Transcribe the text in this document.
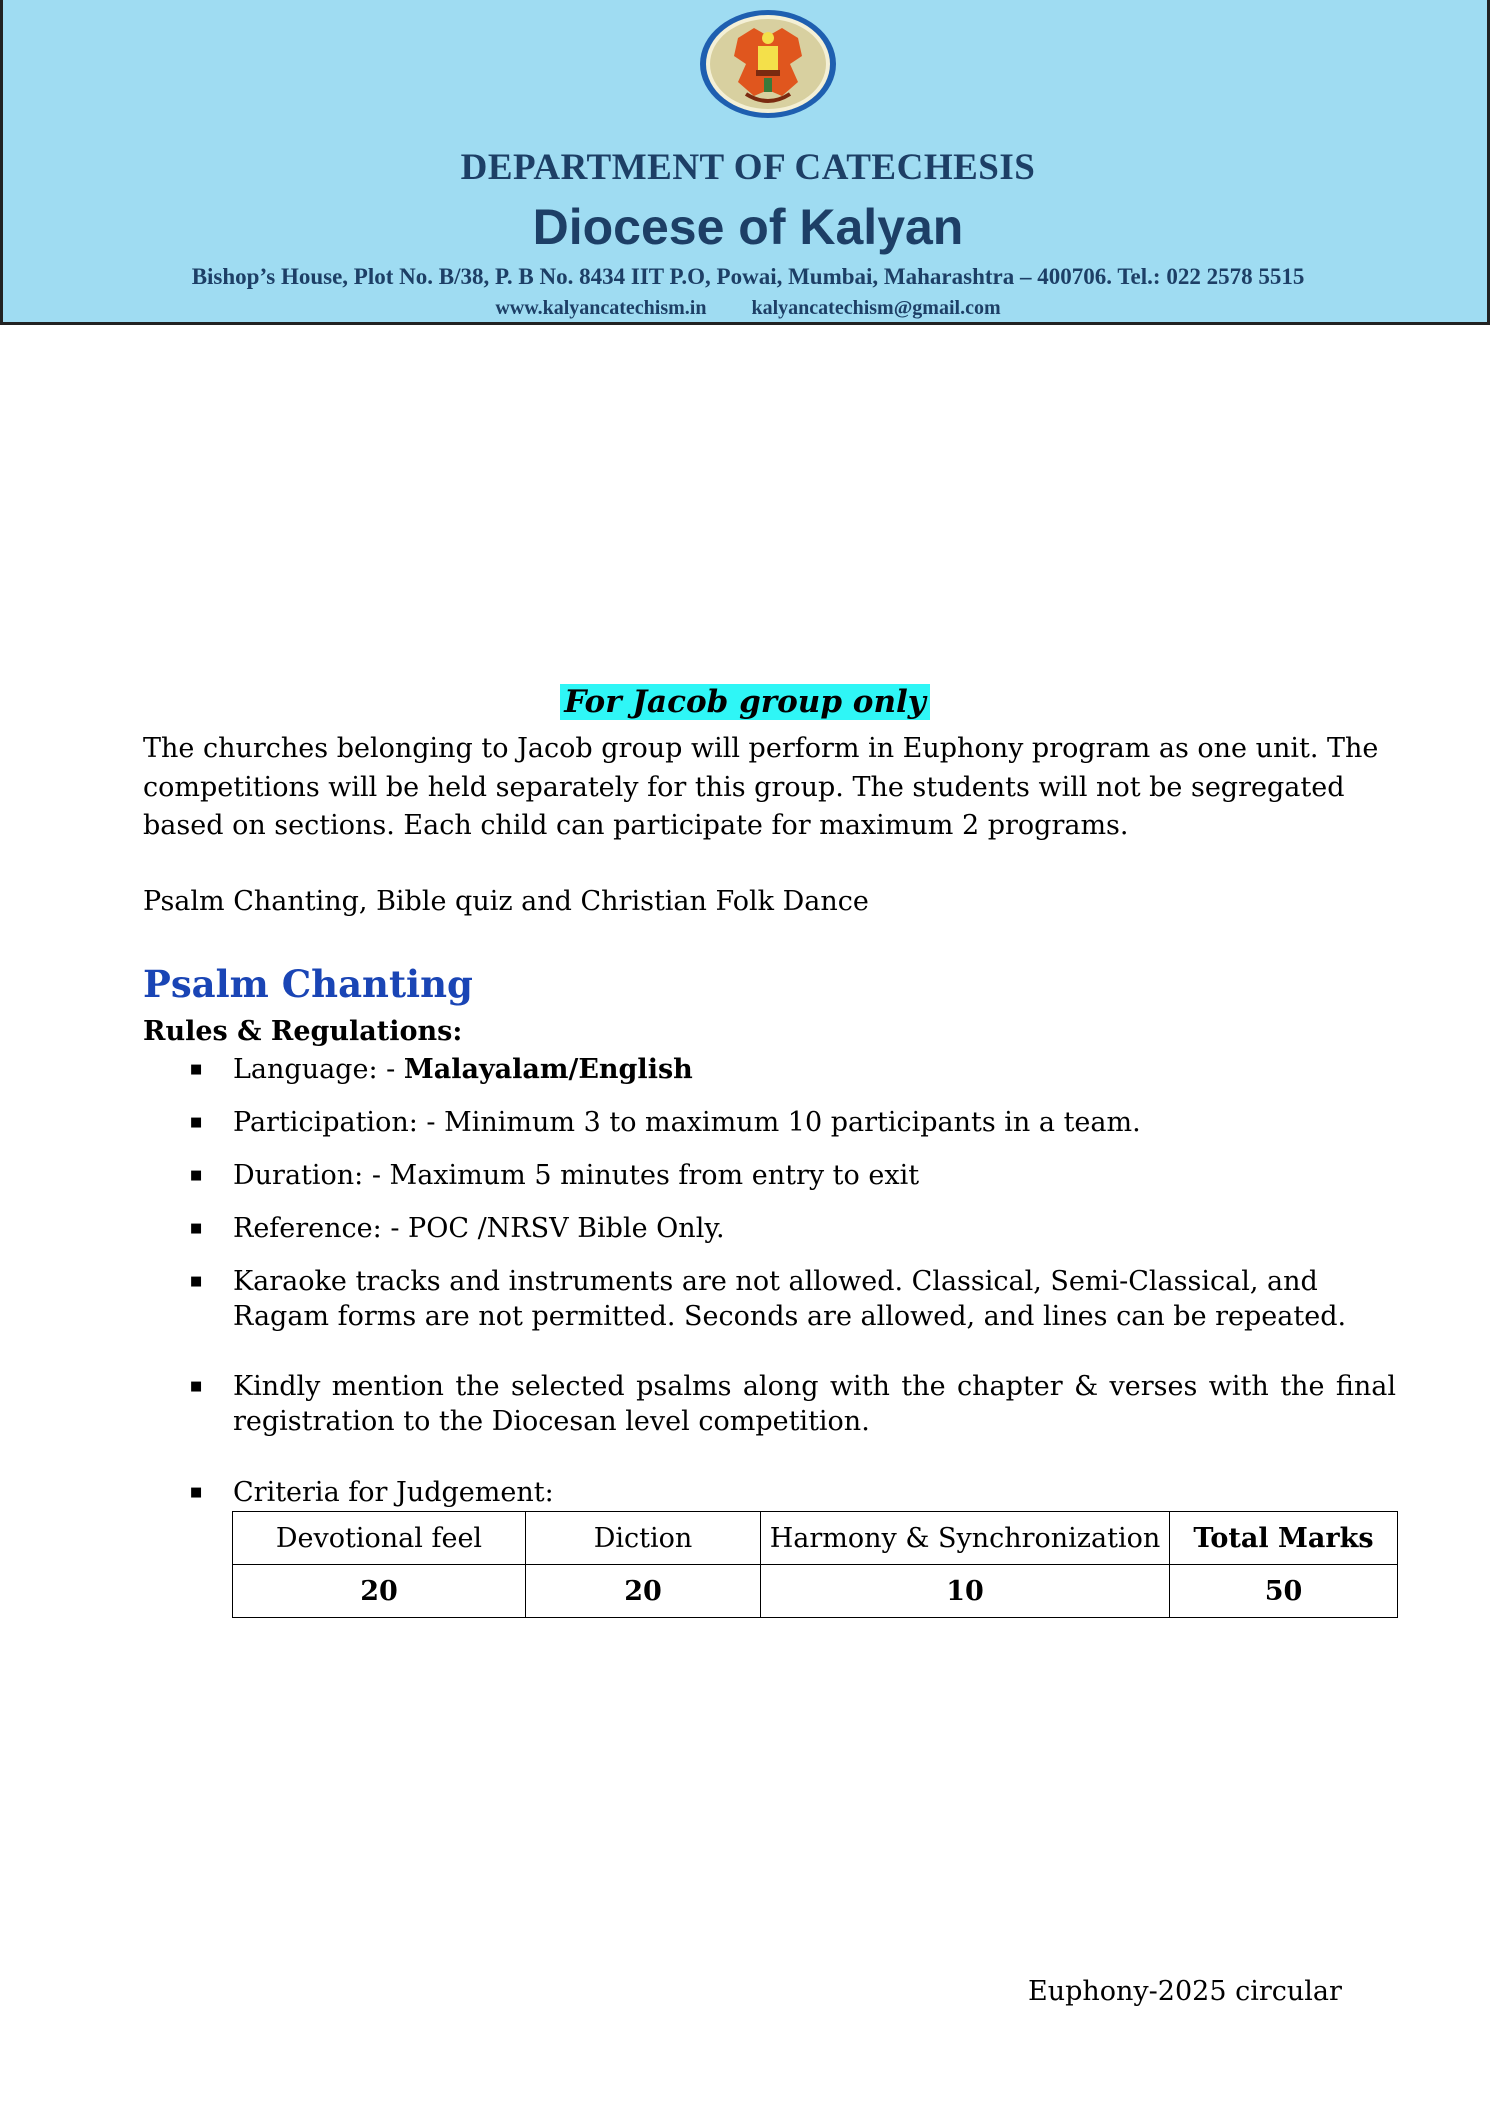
DEPARTMENT OF CATECHESIS
Diocese of Kalyan
Bishop’s House, Plot No. B/38, P. B No. 8434 IIT P.O, Powai, Mumbai, Maharashtra – 400706. Tel.: 022 2578 5515
www.kalyancatechism.in kalyancatechism@gmail.com
For Jacob group only

The churches belonging to Jacob group will perform in Euphony program as one unit. The competitions will be held separately for this group. The students will not be segregated based on sections. Each child can participate for maximum 2 programs.

Psalm Chanting, Bible quiz and Christian Folk Dance

Psalm Chanting
Rules & Regulations:
■ Language: - Malayalam/English

■ Participation: - Minimum 3 to maximum 10 participants in a team.

■ Duration: - Maximum 5 minutes from entry to exit

■ Reference: - POC /NRSV Bible Only.

■ Karaoke tracks and instruments are not allowed. Classical, Semi-Classical, and Ragam forms are not permitted. Seconds are allowed, and lines can be repeated.

■ Kindly mention the selected psalms along with the chapter & verses with the final registration to the Diocesan level competition.

■ Criteria for Judgement:

Devotional feel	Diction	Harmony & Synchronization	Total Marks
20	20	10	50
Euphony-2025 circular
